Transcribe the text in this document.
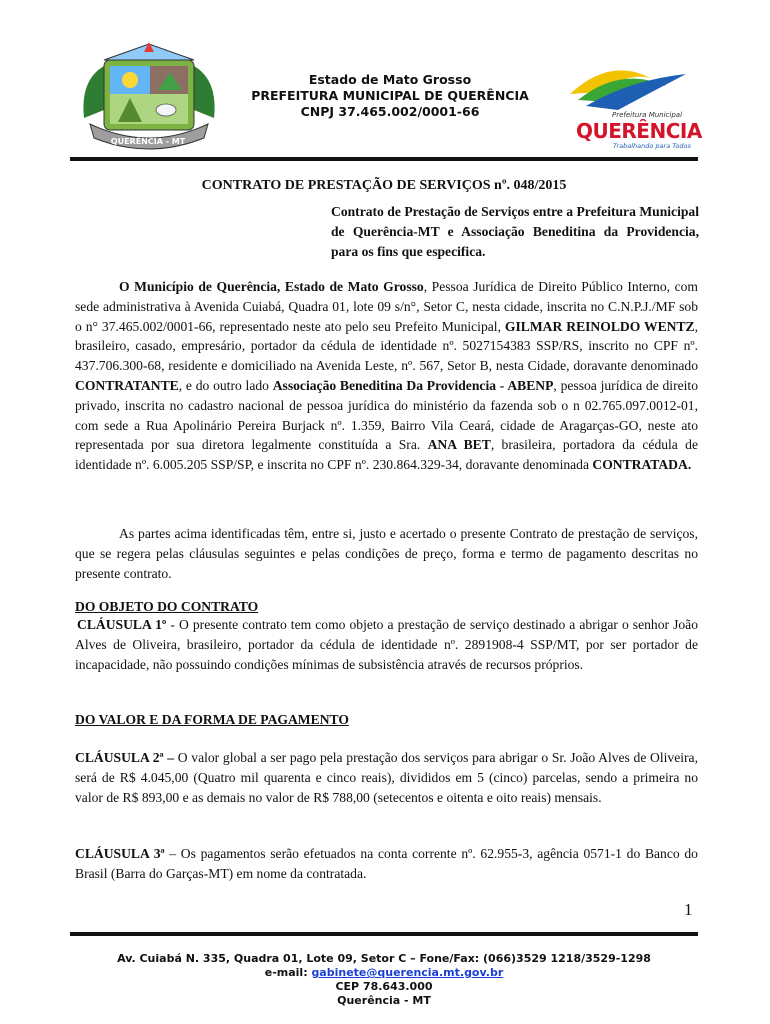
QUERÊNCIA - MT
Estado de Mato Grosso
PREFEITURA MUNICIPAL DE QUERÊNCIA
CNPJ 37.465.002/0001-66	Prefeitura Municipal
QUERÊNCIA
Trabalhando para Todos
CONTRATO DE PRESTAÇÃO DE SERVIÇOS nº. 048/2015
Contrato de Prestação de Serviços entre a Prefeitura Municipal de Querência-MT e Associação Beneditina da Providencia, para os fins que especifica.
O Município de Querência, Estado de Mato Grosso, Pessoa Jurídica de Direito Público Interno, com sede administrativa à Avenida Cuiabá, Quadra 01, lote 09 s/n°, Setor C, nesta cidade, inscrita no C.N.P.J./MF sob o n° 37.465.002/0001-66, representado neste ato pelo seu Prefeito Municipal, GILMAR REINOLDO WENTZ, brasileiro, casado, empresário, portador da cédula de identidade nº. 5027154383 SSP/RS, inscrito no CPF nº. 437.706.300-68, residente e domiciliado na Avenida Leste, nº. 567, Setor B, nesta Cidade, doravante denominado CONTRATANTE, e do outro lado Associação Beneditina Da Providencia - ABENP, pessoa jurídica de direito privado, inscrita no cadastro nacional de pessoa jurídica do ministério da fazenda sob o n 02.765.097.0012-01, com sede a Rua Apolinário Pereira Burjack nº. 1.359, Bairro Vila Ceará, cidade de Aragarças-GO, neste ato representada por sua diretora legalmente constituída a Sra. ANA BET, brasileira, portadora da cédula de identidade nº. 6.005.205 SSP/SP, e inscrita no CPF nº. 230.864.329-34, doravante denominada CONTRATADA.
As partes acima identificadas têm, entre si, justo e acertado o presente Contrato de prestação de serviços, que se regera pelas cláusulas seguintes e pelas condições de preço, forma e termo de pagamento descritas no presente contrato.
DO OBJETO DO CONTRATO
CLÁUSULA 1º - O presente contrato tem como objeto a prestação de serviço destinado a abrigar o senhor João Alves de Oliveira, brasileiro, portador da cédula de identidade nº. 2891908-4 SSP/MT, por ser portador de incapacidade, não possuindo condições mínimas de subsistência através de recursos próprios.
DO VALOR E DA FORMA DE PAGAMENTO
CLÁUSULA 2ª – O valor global a ser pago pela prestação dos serviços para abrigar o Sr. João Alves de Oliveira, será de R$ 4.045,00 (Quatro mil quarenta e cinco reais), divididos em 5 (cinco) parcelas, sendo a primeira no valor de R$ 893,00 e as demais no valor de R$ 788,00 (setecentos e oitenta e oito reais) mensais.
CLÁUSULA 3ª – Os pagamentos serão efetuados na conta corrente nº. 62.955-3, agência 0571-1 do Banco do Brasil (Barra do Garças-MT) em nome da contratada.
1
Av. Cuiabá N. 335, Quadra 01, Lote 09, Setor C – Fone/Fax: (066)3529 1218/3529-1298
e-mail: gabinete@querencia.mt.gov.br
CEP 78.643.000
Querência - MT
